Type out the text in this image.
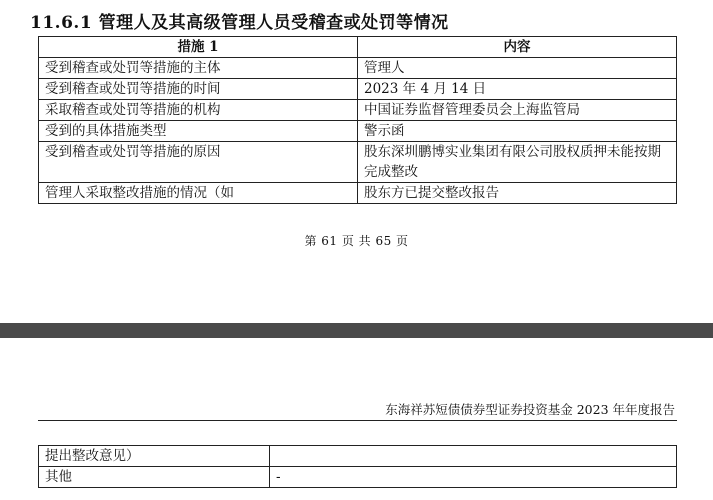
11.6.1 管理人及其高级管理人员受稽查或处罚等情况
措施 1	内容
受到稽查或处罚等措施的主体	管理人
受到稽查或处罚等措施的时间	2023 年 4 月 14 日
采取稽查或处罚等措施的机构	中国证券监督管理委员会上海监管局
受到的具体措施类型	警示函
受到稽查或处罚等措施的原因	股东深圳鹏博实业集团有限公司股权质押未能按期完成整改
管理人采取整改措施的情况（如	股东方已提交整改报告
第 61 页 共 65 页
东海祥苏短债债券型证券投资基金 2023 年年度报告
提出整改意见）	
其他	-
